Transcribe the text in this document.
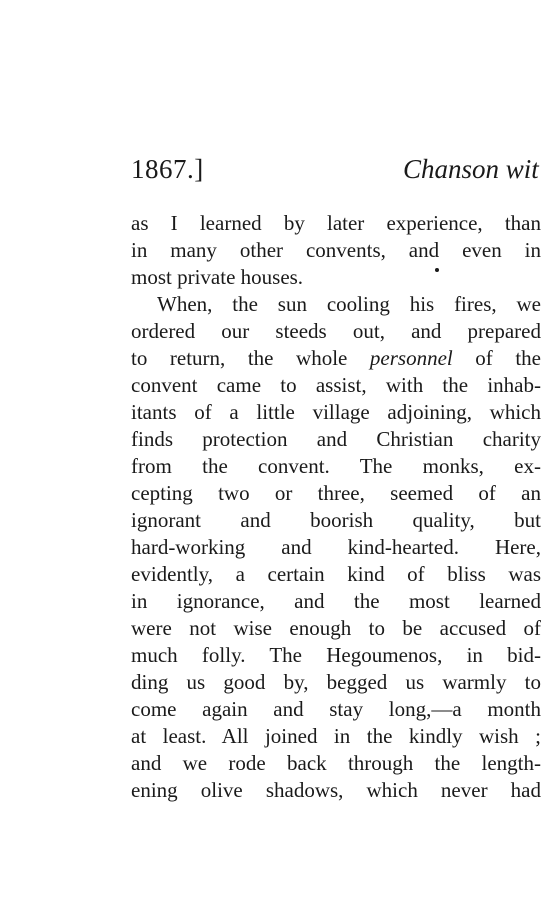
1867.]	Chanson wit
as I learned by later experience, than
in many other convents, and even in
most private houses.
When, the sun cooling his fires, we
ordered our steeds out, and prepared
to return, the whole personnel of the
convent came to assist, with the inhab-
itants of a little village adjoining, which
finds protection and Christian charity
from the convent. The monks, ex-
cepting two or three, seemed of an
ignorant and boorish quality, but
hard-working and kind-hearted. Here,
evidently, a certain kind of bliss was
in ignorance, and the most learned
were not wise enough to be accused of
much folly. The Hegoumenos, in bid-
ding us good by, begged us warmly to
come again and stay long,—a month
at least. All joined in the kindly wish ;
and we rode back through the length-
ening olive shadows, which never had
